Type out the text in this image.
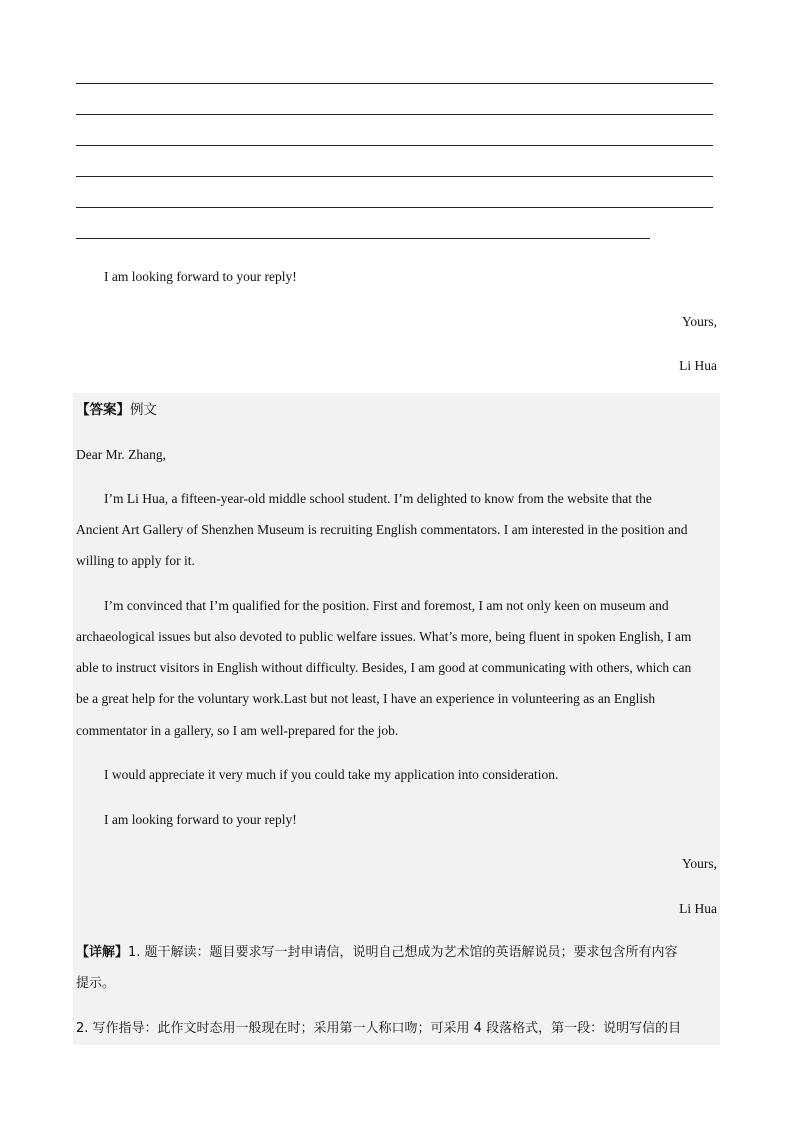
I am looking forward to your reply!
Yours,
Li Hua
【答案】例文
Dear Mr. Zhang,
I’m Li Hua, a fifteen-year-old middle school student. I’m delighted to know from the website that the
Ancient Art Gallery of Shenzhen Museum is recruiting English commentators. I am interested in the position and
willing to apply for it.
I’m convinced that I’m qualified for the position. First and foremost, I am not only keen on museum and
archaeological issues but also devoted to public welfare issues. What’s more, being fluent in spoken English, I am
able to instruct visitors in English without difficulty. Besides, I am good at communicating with others, which can
be a great help for the voluntary work.Last but not least, I have an experience in volunteering as an English
commentator in a gallery, so I am well-prepared for the job.
I would appreciate it very much if you could take my application into consideration.
I am looking forward to your reply!
Yours,
Li Hua
【详解】1. 题干解读：题目要求写一封申请信，说明自己想成为艺术馆的英语解说员；要求包含所有内容
提示。
2. 写作指导：此作文时态用一般现在时；采用第一人称口吻；可采用 4 段落格式，第一段：说明写信的目
